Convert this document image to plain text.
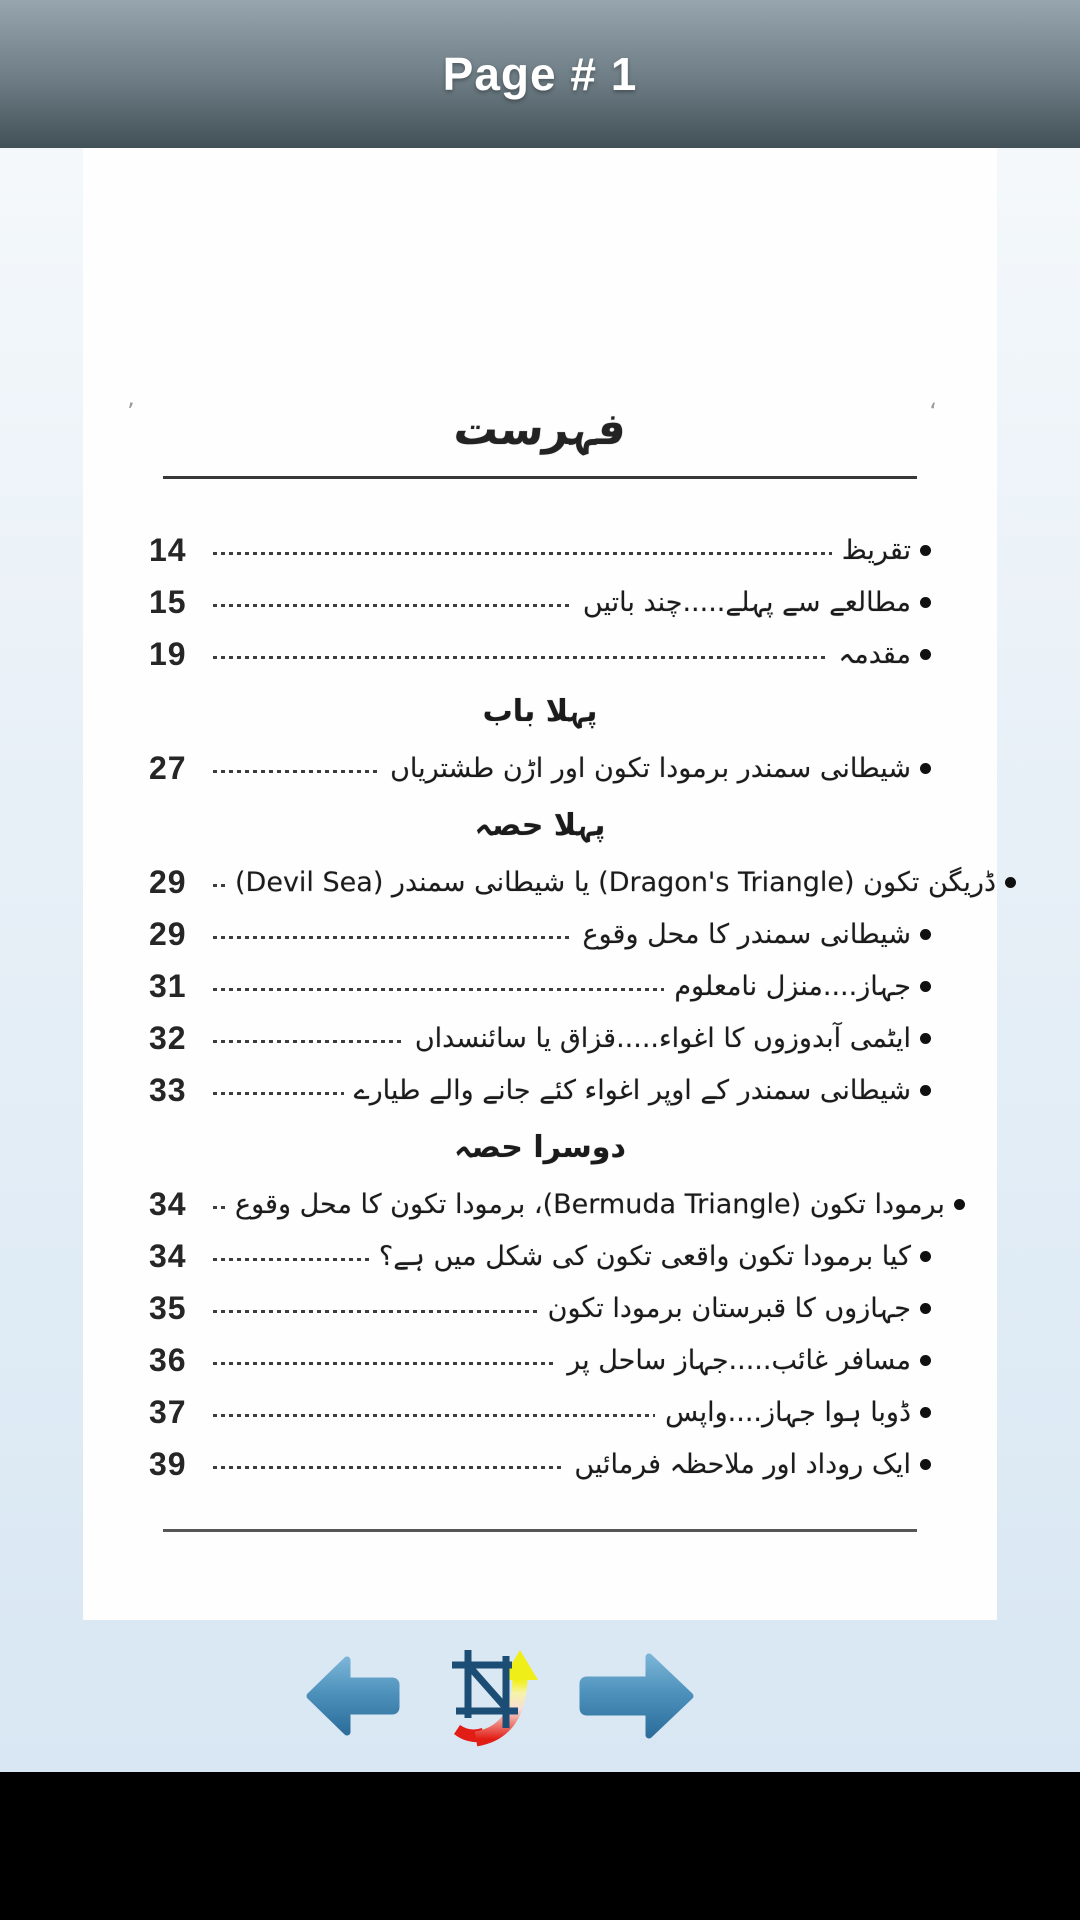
Page # 1
’	‘
فہرست
14	تقریظ
15	مطالعے سے پہلے.....چند باتیں
19	مقدمہ
پہلا باب
27	شیطانی سمندر برمودا تکون اور اڑن طشتریاں
پہلا حصہ
29	ڈریگن تکون (Dragon's Triangle) یا شیطانی سمندر (Devil Sea)
29	شیطانی سمندر کا محل وقوع
31	جہاز....منزل نامعلوم
32	ایٹمی آبدوزوں کا اغواء.....قزاق یا سائنسداں
33	شیطانی سمندر کے اوپر اغواء کئے جانے والے طیارے
دوسرا حصہ
34	برمودا تکون (Bermuda Triangle)، برمودا تکون کا محل وقوع
34	کیا برمودا تکون واقعی تکون کی شکل میں ہے؟
35	جہازوں کا قبرستان برمودا تکون
36	مسافر غائب.....جہاز ساحل پر
37	ڈوبا ہوا جہاز....واپس
39	ایک روداد اور ملاحظہ فرمائیں
